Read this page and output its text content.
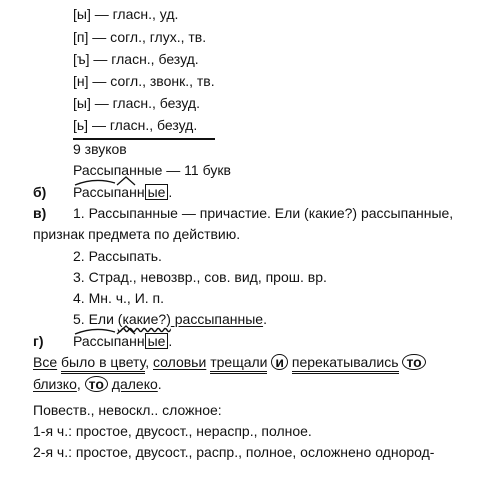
[ы] — гласн., уд.
[п] — согл., глух., тв.
[ъ] — гласн., безуд.
[н] — согл., звонк., тв.
[ы] — гласн., безуд.
[ь] — гласн., безуд.
9 звуков
Рассыпанные — 11 букв
б) Рассыпанн ые .
в) 1. Рассыпанные — причастие. Ели (какие?) рассыпанные,
признак предмета по действию.
2. Рассыпать.
3. Страд., невозвр., сов. вид, прош. вр.
4. Мн. ч., И. п.
5. Ели (какие?) рассыпанные.
г) Рассыпанн ые .
Все было в цвету, соловьи трещали и перекатывались то
близко, то далеко.
Повеств., невоскл.. сложное:
1-я ч.: простое, двусост., нераспр., полное.
2-я ч.: простое, двусост., распр., полное, осложнено однород-
